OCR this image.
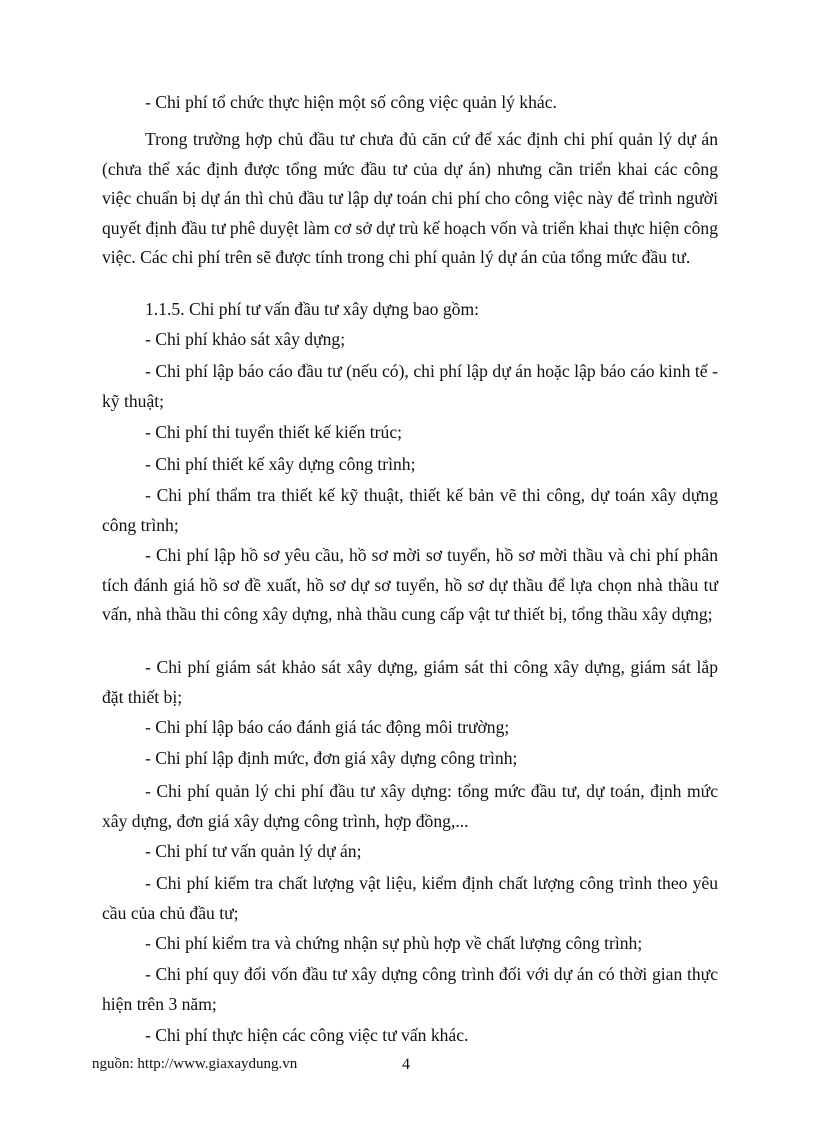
- Chi phí tổ chức thực hiện một số công việc quản lý khác.

Trong trường hợp chủ đầu tư chưa đủ căn cứ để xác định chi phí quản lý dự án (chưa thể xác định được tổng mức đầu tư của dự án) nhưng cần triển khai các công việc chuẩn bị dự án thì chủ đầu tư lập dự toán chi phí cho công việc này để trình người quyết định đầu tư phê duyệt làm cơ sở dự trù kế hoạch vốn và triển khai thực hiện công việc. Các chi phí trên sẽ được tính trong chi phí quản lý dự án của tổng mức đầu tư.

1.1.5. Chi phí tư vấn đầu tư xây dựng bao gồm:

- Chi phí khảo sát xây dựng;

- Chi phí lập báo cáo đầu tư (nếu có), chi phí lập dự án hoặc lập báo cáo kinh tế - kỹ thuật;

- Chi phí thi tuyển thiết kế kiến trúc;

- Chi phí thiết kế xây dựng công trình;

- Chi phí thẩm tra thiết kế kỹ thuật, thiết kế bản vẽ thi công, dự toán xây dựng công trình;

- Chi phí lập hồ sơ yêu cầu, hồ sơ mời sơ tuyển, hồ sơ mời thầu và chi phí phân tích đánh giá hồ sơ đề xuất, hồ sơ dự sơ tuyển, hồ sơ dự thầu để lựa chọn nhà thầu tư vấn, nhà thầu thi công xây dựng, nhà thầu cung cấp vật tư thiết bị, tổng thầu xây dựng;

- Chi phí giám sát khảo sát xây dựng, giám sát thi công xây dựng, giám sát lắp đặt thiết bị;

- Chi phí lập báo cáo đánh giá tác động môi trường;

- Chi phí lập định mức, đơn giá xây dựng công trình;

- Chi phí quản lý chi phí đầu tư xây dựng: tổng mức đầu tư, dự toán, định mức xây dựng, đơn giá xây dựng công trình, hợp đồng,...

- Chi phí tư vấn quản lý dự án;

- Chi phí kiểm tra chất lượng vật liệu, kiểm định chất lượng công trình theo yêu cầu của chủ đầu tư;

- Chi phí kiểm tra và chứng nhận sự phù hợp về chất lượng công trình;

- Chi phí quy đổi vốn đầu tư xây dựng công trình đối với dự án có thời gian thực hiện trên 3 năm;

- Chi phí thực hiện các công việc tư vấn khác.

nguồn: http://www.giaxaydung.vn	4
